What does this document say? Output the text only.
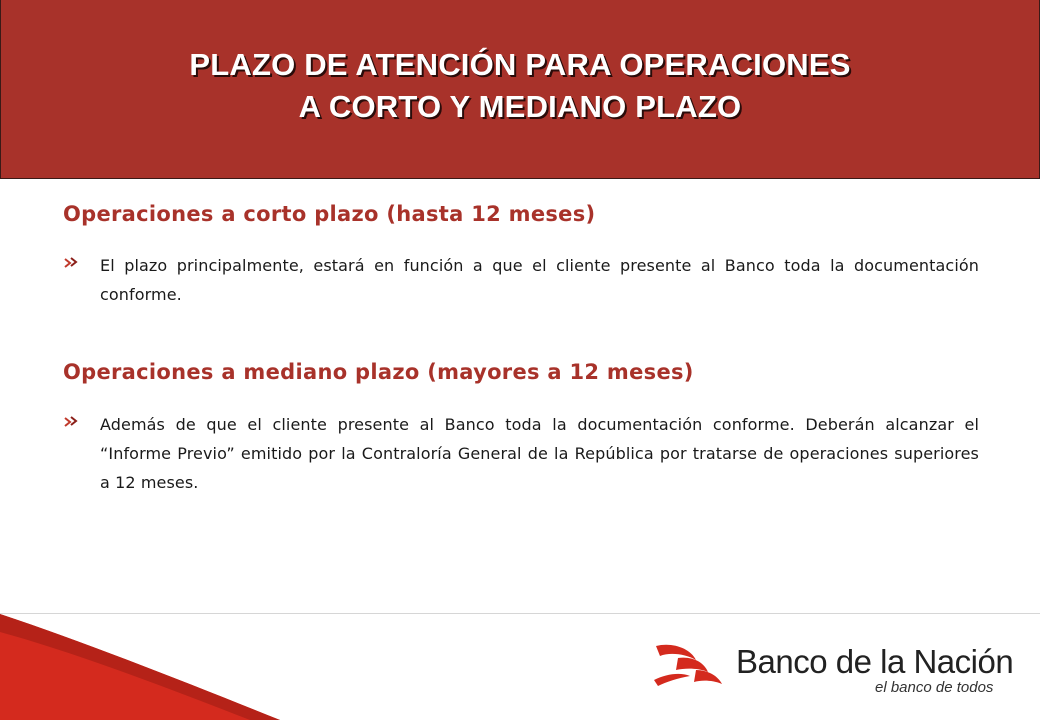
PLAZO DE ATENCIÓN PARA OPERACIONES
A CORTO Y MEDIANO PLAZO
Operaciones a corto plazo (hasta 12 meses)

El plazo principalmente, estará en función a que el cliente presente al Banco toda la documentación conforme.

Operaciones a mediano plazo (mayores a 12 meses)

Además de que el cliente presente al Banco toda la documentación conforme. Deberán alcanzar el “Informe Previo” emitido por la Contraloría General de la República por tratarse de operaciones superiores a 12 meses.

Banco de la Nación
el banco de todos
